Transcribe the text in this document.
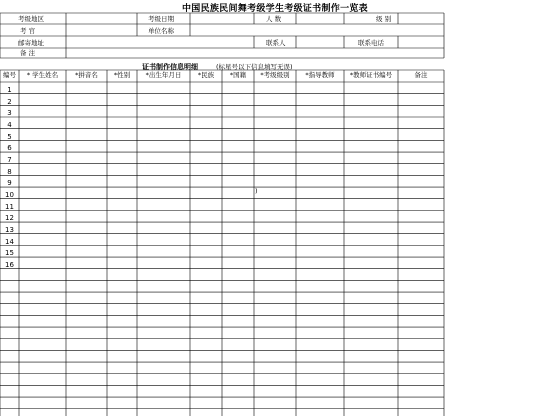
中国民族民间舞考级学生考级证书制作一览表
考级地区	考级日期	人 数	级 别
考 官	单位名称
邮寄地址	联系人	联系电话
备 注
证书制作信息明细	(标星号以下信息填写无误)
编号	* 学生姓名	*拼音名	*性别	*出生年月日	*民族	*国籍	*考级级别	*指导教师	*教师证书编号	备注
1
2
3
4
5
6
7
8
9
10
11
12
13
14
15
16
)
